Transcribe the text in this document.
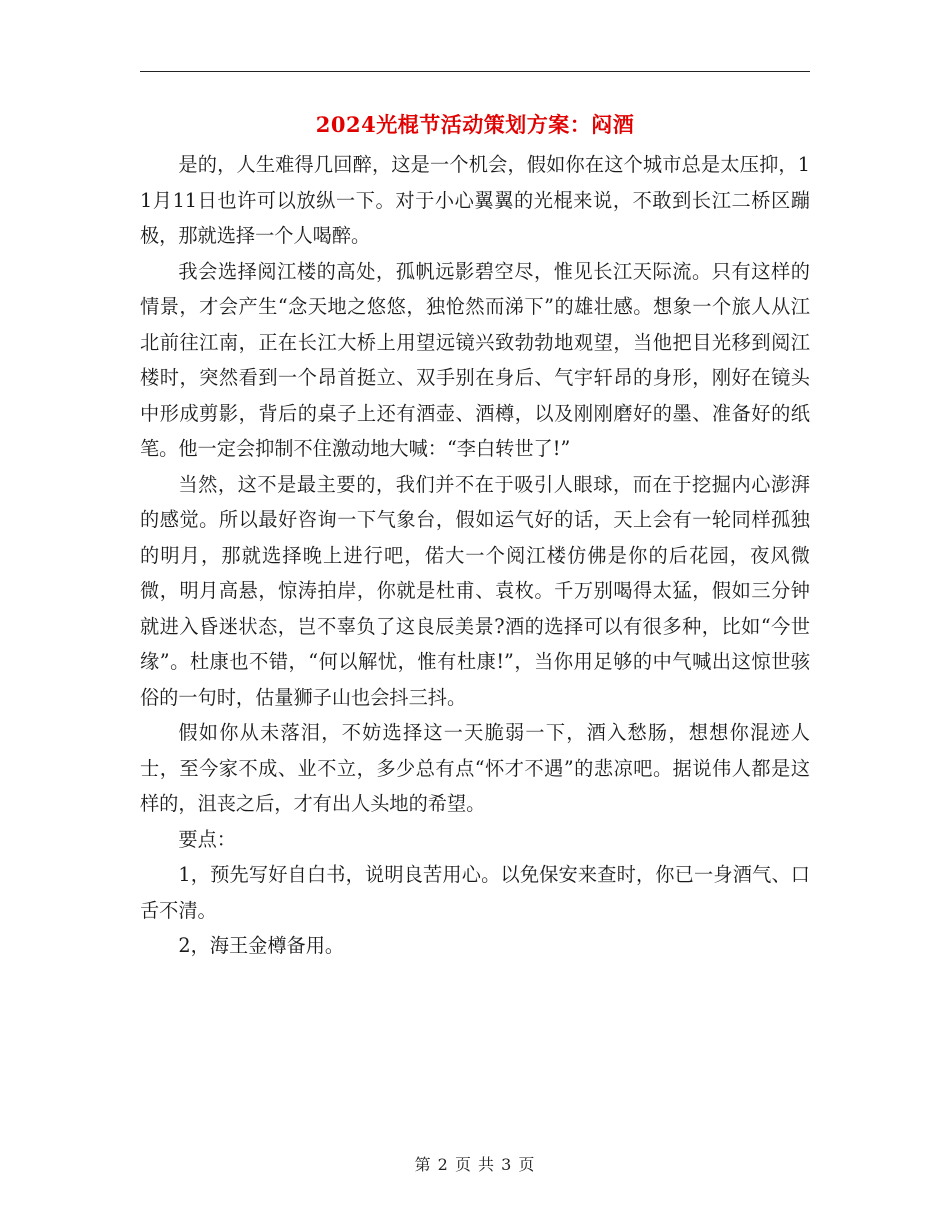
2024光棍节活动策划方案：闷酒

是的，人生难得几回醉，这是一个机会，假如你在这个城市总是太压抑，11月11日也许可以放纵一下。对于小心翼翼的光棍来说，不敢到长江二桥区蹦极，那就选择一个人喝醉。

我会选择阅江楼的高处，孤帆远影碧空尽，惟见长江天际流。只有这样的情景，才会产生“念天地之悠悠，独怆然而涕下”的雄壮感。想象一个旅人从江北前往江南，正在长江大桥上用望远镜兴致勃勃地观望，当他把目光移到阅江楼时，突然看到一个昂首挺立、双手别在身后、气宇轩昂的身形，刚好在镜头中形成剪影，背后的桌子上还有酒壶、酒樽，以及刚刚磨好的墨、准备好的纸笔。他一定会抑制不住激动地大喊：“李白转世了!”

当然，这不是最主要的，我们并不在于吸引人眼球，而在于挖掘内心澎湃的感觉。所以最好咨询一下气象台，假如运气好的话，天上会有一轮同样孤独的明月，那就选择晚上进行吧，偌大一个阅江楼仿佛是你的后花园，夜风微微，明月高悬，惊涛拍岸，你就是杜甫、袁枚。千万别喝得太猛，假如三分钟就进入昏迷状态，岂不辜负了这良辰美景?酒的选择可以有很多种，比如“今世缘”。杜康也不错，“何以解忧，惟有杜康!”，当你用足够的中气喊出这惊世骇俗的一句时，估量狮子山也会抖三抖。

假如你从未落泪，不妨选择这一天脆弱一下，酒入愁肠，想想你混迹人士，至今家不成、业不立，多少总有点“怀才不遇”的悲凉吧。据说伟人都是这样的，沮丧之后，才有出人头地的希望。

要点：

1，预先写好自白书，说明良苦用心。以免保安来查时，你已一身酒气、口舌不清。

2，海王金樽备用。

第 2 页 共 3 页
